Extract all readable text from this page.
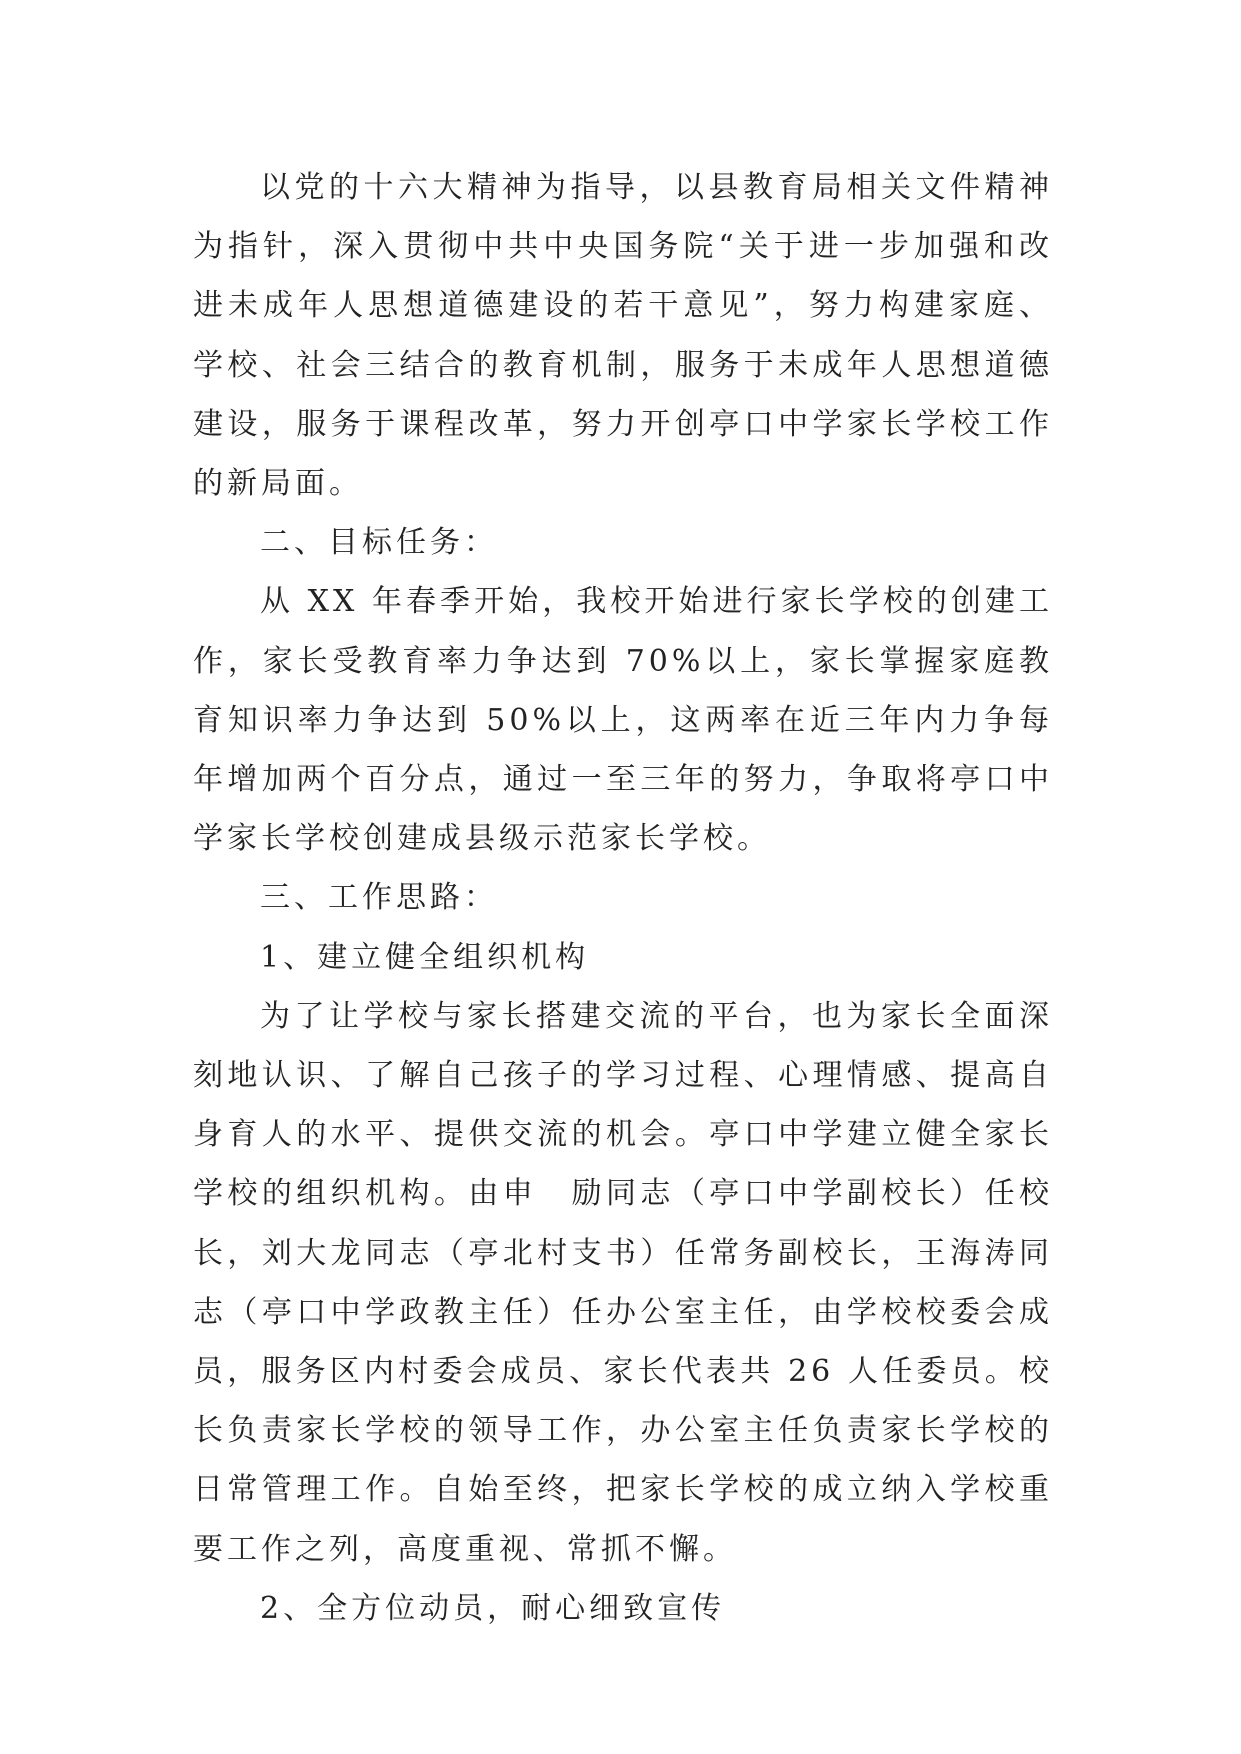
以党的十六大精神为指导，以县教育局相关文件精神为指针，深入贯彻中共中央国务院“关于进一步加强和改进未成年人思想道德建设的若干意见”，努力构建家庭、学校、社会三结合的教育机制，服务于未成年人思想道德建设，服务于课程改革，努力开创亭口中学家长学校工作的新局面。

二、目标任务：

从 XX 年春季开始，我校开始进行家长学校的创建工作，家长受教育率力争达到 70%以上，家长掌握家庭教育知识率力争达到 50%以上，这两率在近三年内力争每年增加两个百分点，通过一至三年的努力，争取将亭口中学家长学校创建成县级示范家长学校。

三、工作思路：

1、建立健全组织机构

为了让学校与家长搭建交流的平台，也为家长全面深刻地认识、了解自己孩子的学习过程、心理情感、提高自身育人的水平、提供交流的机会。亭口中学建立健全家长学校的组织机构。由申　励同志（亭口中学副校长）任校长，刘大龙同志（亭北村支书）任常务副校长，王海涛同志（亭口中学政教主任）任办公室主任，由学校校委会成员，服务区内村委会成员、家长代表共 26 人任委员。校长负责家长学校的领导工作，办公室主任负责家长学校的日常管理工作。自始至终，把家长学校的成立纳入学校重要工作之列，高度重视、常抓不懈。

2、全方位动员，耐心细致宣传
